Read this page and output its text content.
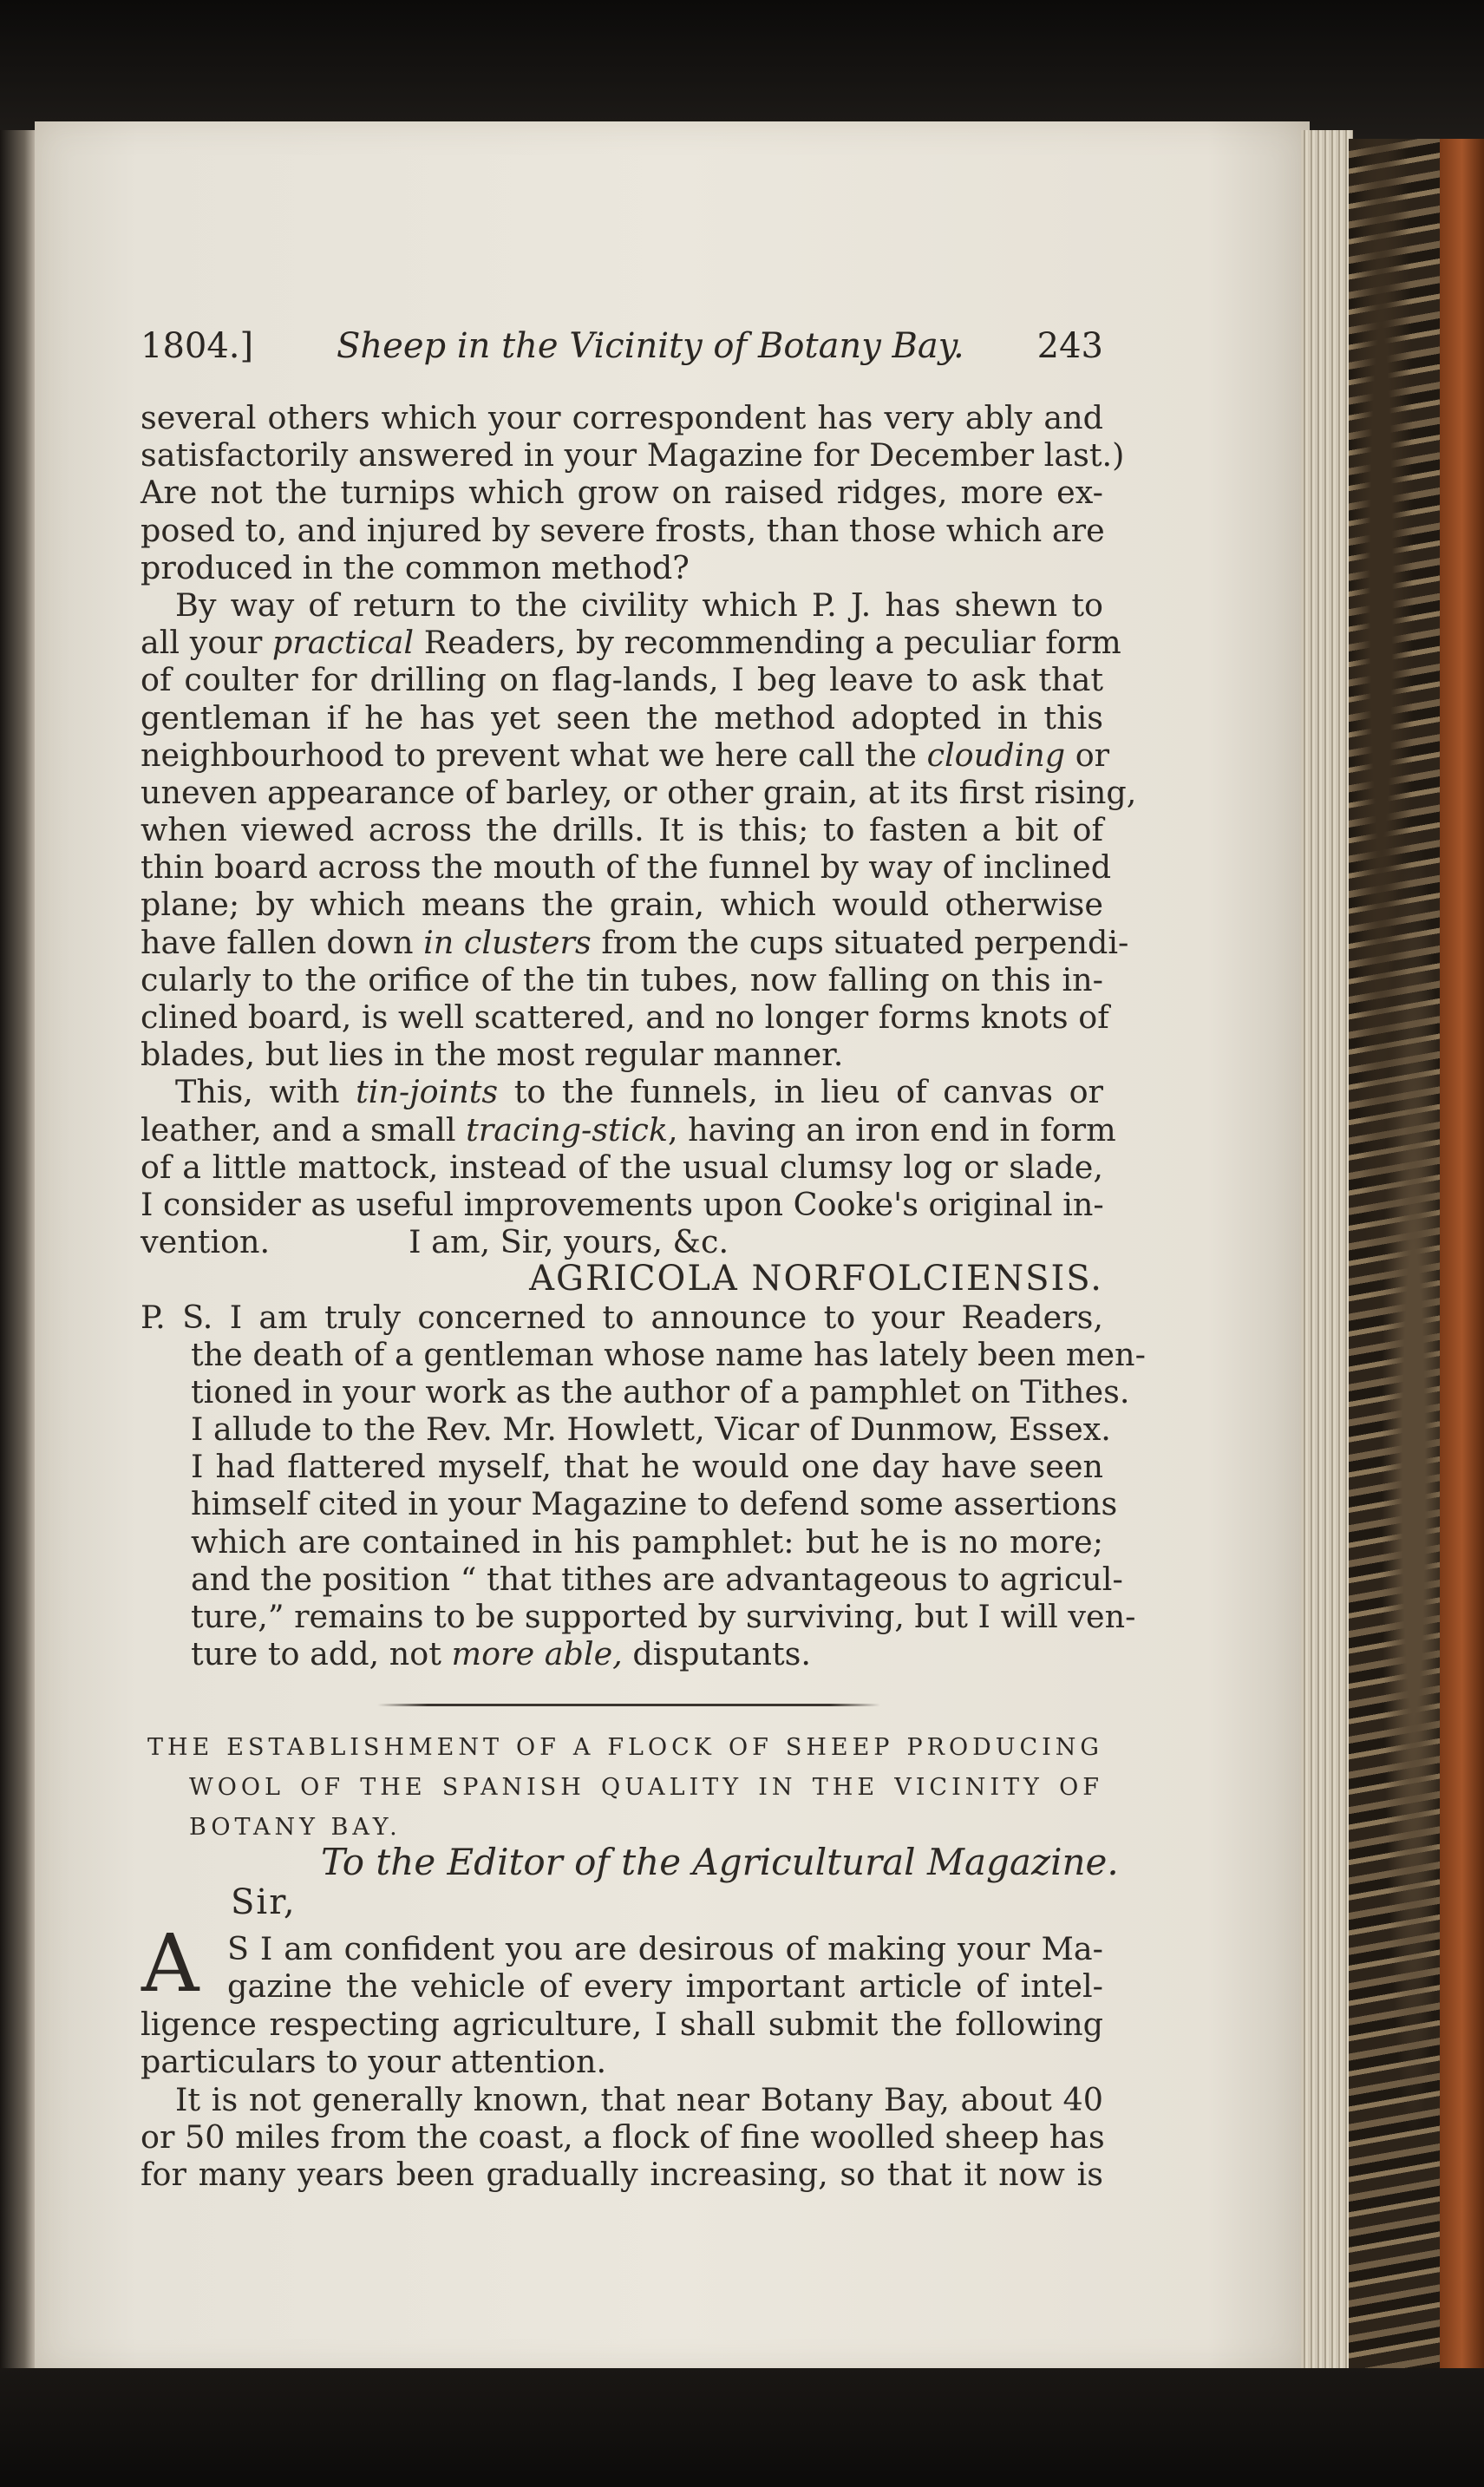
1804.] Sheep in the Vicinity of Botany Bay. 243
several others which your correspondent has very ably and
satisfactorily answered in your Magazine for December last.)
Are not the turnips which grow on raised ridges, more ex-
posed to, and injured by severe frosts, than those which are
produced in the common method?
By way of return to the civility which P. J. has shewn to
all your practical Readers, by recommending a peculiar form
of coulter for drilling on flag-lands, I beg leave to ask that
gentleman if he has yet seen the method adopted in this
neighbourhood to prevent what we here call the clouding or
uneven appearance of barley, or other grain, at its first rising,
when viewed across the drills. It is this; to fasten a bit of
thin board across the mouth of the funnel by way of inclined
plane; by which means the grain, which would otherwise
have fallen down in clusters from the cups situated perpendi-
cularly to the orifice of the tin tubes, now falling on this in-
clined board, is well scattered, and no longer forms knots of
blades, but lies in the most regular manner.
This, with tin-joints to the funnels, in lieu of canvas or
leather, and a small tracing-stick, having an iron end in form
of a little mattock, instead of the usual clumsy log or slade,
I consider as useful improvements upon Cooke's original in-
vention.	I am, Sir, yours, &c.
AGRICOLA NORFOLCIENSIS.
P. S. I am truly concerned to announce to your Readers,
the death of a gentleman whose name has lately been men-
tioned in your work as the author of a pamphlet on Tithes.
I allude to the Rev. Mr. Howlett, Vicar of Dunmow, Essex.
I had flattered myself, that he would one day have seen
himself cited in your Magazine to defend some assertions
which are contained in his pamphlet: but he is no more;
and the position “ that tithes are advantageous to agricul-
ture,” remains to be supported by surviving, but I will ven-
ture to add, not more able, disputants.
THE ESTABLISHMENT OF A FLOCK OF SHEEP PRODUCING
WOOL OF THE SPANISH QUALITY IN THE VICINITY OF
BOTANY BAY.
To the Editor of the Agricultural Magazine.
Sir,
A S I am confident you are desirous of making your Ma-
gazine the vehicle of every important article of intel-
ligence respecting agriculture, I shall submit the following
particulars to your attention.
It is not generally known, that near Botany Bay, about 40
or 50 miles from the coast, a flock of fine woolled sheep has
for many years been gradually increasing, so that it now is
